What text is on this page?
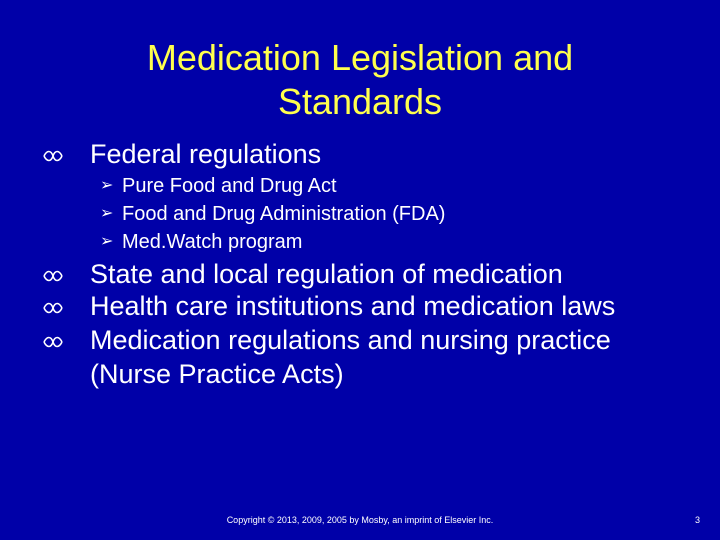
Medication Legislation and
Standards
Federal regulations
➢ Pure Food and Drug Act
➢ Food and Drug Administration (FDA)
➢ Med.Watch program
State and local regulation of medication
Health care institutions and medication laws
Medication regulations and nursing practice
(Nurse Practice Acts)
Copyright © 2013, 2009, 2005 by Mosby, an imprint of Elsevier Inc.	3
